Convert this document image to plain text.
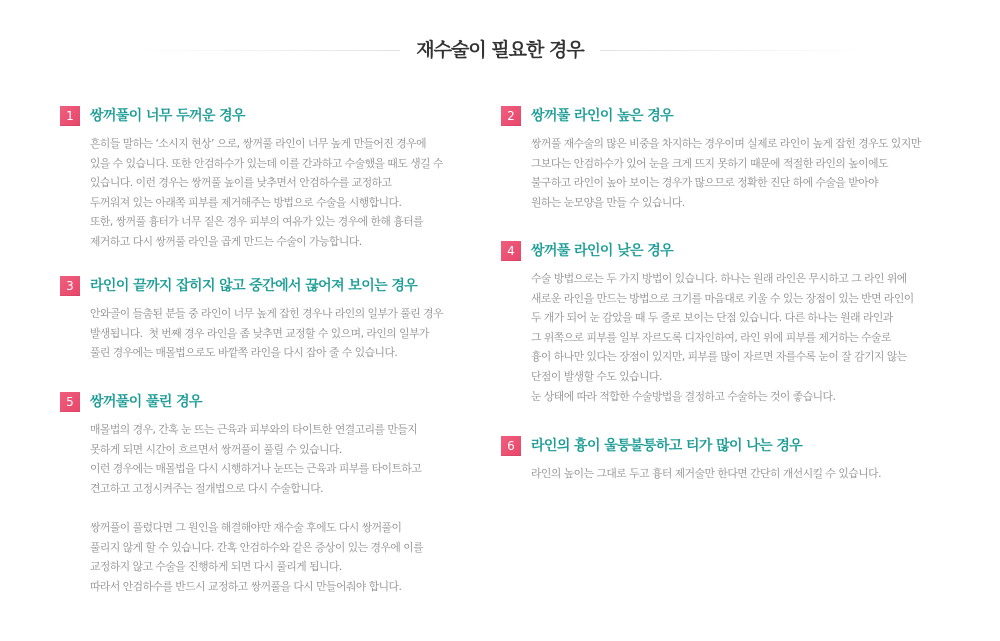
재수술이 필요한 경우
1	쌍꺼풀이 너무 두꺼운 경우

흔히들 말하는 ‘소시지 현상’ 으로, 쌍꺼풀 라인이 너무 높게 만들어진 경우에
있을 수 있습니다. 또한 안검하수가 있는데 이를 간과하고 수술했을 때도 생길 수
있습니다. 이런 경우는 쌍꺼풀 높이를 낮추면서 안검하수를 교정하고
두꺼워져 있는 아래쪽 피부를 제거해주는 방법으로 수술을 시행합니다.
또한, 쌍꺼풀 흉터가 너무 짙은 경우 피부의 여유가 있는 경우에 한해 흉터를
제거하고 다시 쌍꺼풀 라인을 곱게 만드는 수술이 가능합니다.

2	쌍꺼풀 라인이 높은 경우

쌍꺼풀 재수술의 많은 비중을 차지하는 경우이며 실제로 라인이 높게 잡힌 경우도 있지만
그보다는 안검하수가 있어 눈을 크게 뜨지 못하기 때문에 적절한 라인의 높이에도
불구하고 라인이 높아 보이는 경우가 많으므로 정확한 진단 하에 수술을 받아야
원하는 눈모양을 만들 수 있습니다.

3	라인이 끝까지 잡히지 않고 중간에서 끊어져 보이는 경우

안와골이 들춤된 분들 중 라인이 너무 높게 잡힌 경우나 라인의 일부가 풀린 경우
발생됩니다.  첫 번째 경우 라인을 좀 낮추면 교정할 수 있으며, 라인의 일부가
풀린 경우에는 매몰법으로도 바깥쪽 라인을 다시 잡아 줄 수 있습니다.

4	쌍꺼풀 라인이 낮은 경우

수술 방법으로는 두 가지 방법이 있습니다. 하나는 원래 라인은 무시하고 그 라인 위에
새로운 라인을 만드는 방법으로 크기를 마음대로 키울 수 있는 장점이 있는 반면 라인이
두 개가 되어 눈 감았을 때 두 줄로 보이는 단점 있습니다. 다른 하나는 원래 라인과
그 위쪽으로 피부를 일부 자르도록 디자인하여, 라인 위에 피부를 제거하는 수술로
흉이 하나만 있다는 장점이 있지만, 피부를 많이 자르면 자를수록 눈이 잘 감기지 않는
단점이 발생할 수도 있습니다.
눈 상태에 따라 적합한 수술방법을 결정하고 수술하는 것이 좋습니다.

5	쌍꺼풀이 풀린 경우

매몰법의 경우, 간혹 눈 뜨는 근육과 피부와의 타이트한 연결고리를 만들지
못하게 되면 시간이 흐르면서 쌍꺼풀이 풀릴 수 있습니다.
이런 경우에는 매몰법을 다시 시행하거나 눈뜨는 근육과 피부를 타이트하고
견고하고 고정시켜주는 절개법으로 다시 수술합니다.

쌍꺼풀이 풀렸다면 그 원인을 해결해야만 재수술 후에도 다시 쌍꺼풀이
풀리지 않게 할 수 있습니다. 간혹 안검하수와 같은 증상이 있는 경우에 이를
교정하지 않고 수술을 진행하게 되면 다시 풀리게 됩니다.
따라서 안검하수를 반드시 교정하고 쌍꺼풀을 다시 만들어줘야 합니다.

6	라인의 흉이 울퉁불퉁하고 티가 많이 나는 경우

라인의 높이는 그대로 두고 흉터 제거술만 한다면 간단히 개선시킬 수 있습니다.
